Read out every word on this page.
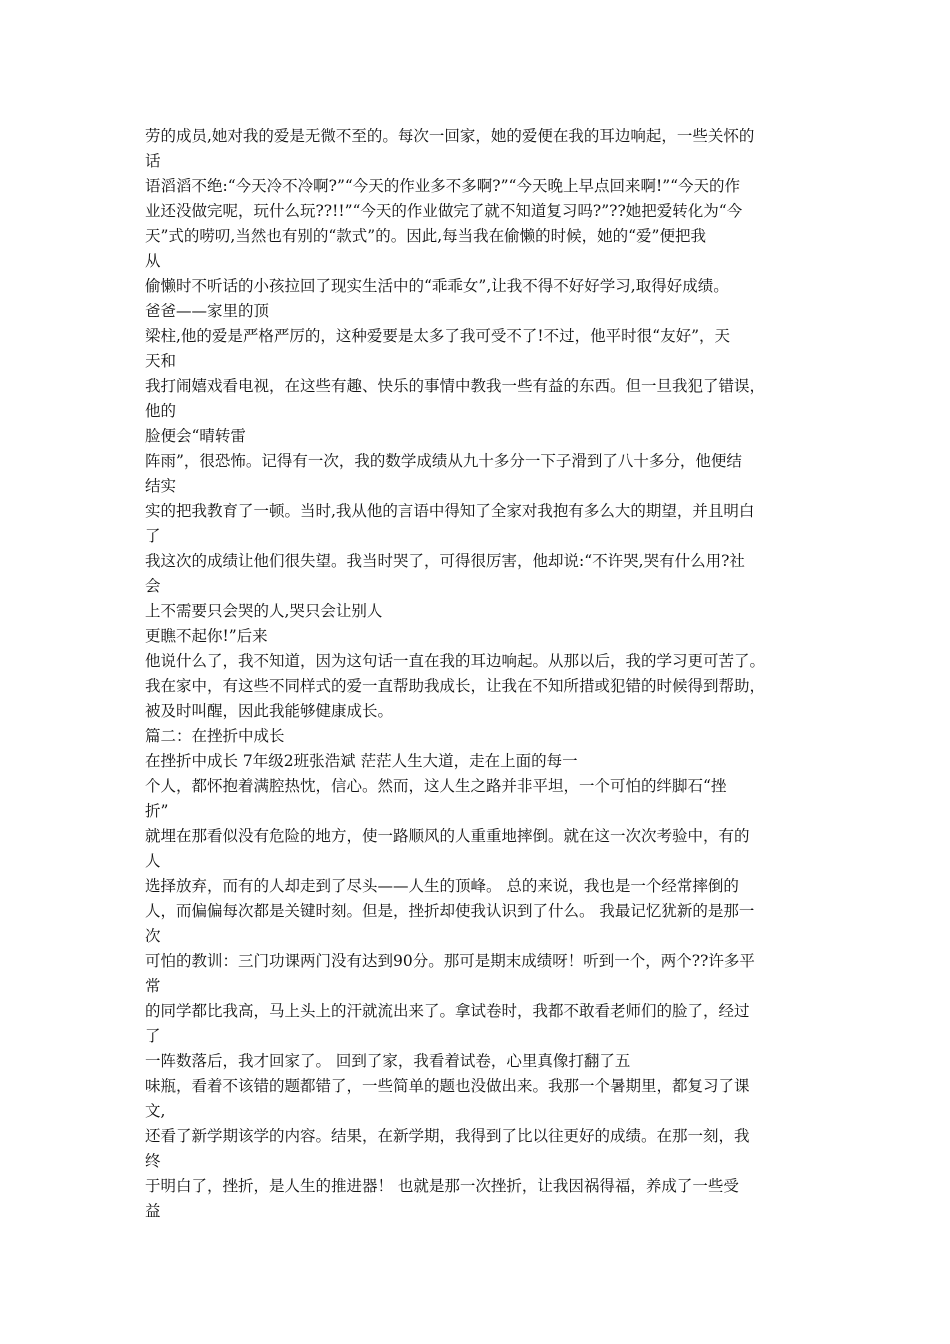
劳的成员,她对我的爱是无微不至的。每次一回家，她的爱便在我的耳边响起，一些关怀的
话
语滔滔不绝:“今天冷不冷啊?”“今天的作业多不多啊?”“今天晚上早点回来啊!”“今天的作
业还没做完呢，玩什么玩??!!”“今天的作业做完了就不知道复习吗?”??她把爱转化为“今
天”式的唠叨,当然也有别的“款式”的。因此,每当我在偷懒的时候，她的“爱”便把我
从
偷懒时不听话的小孩拉回了现实生活中的“乖乖女”,让我不得不好好学习,取得好成绩。
爸爸——家里的顶
梁柱,他的爱是严格严厉的，这种爱要是太多了我可受不了!不过，他平时很“友好”，天
天和
我打闹嬉戏看电视，在这些有趣、快乐的事情中教我一些有益的东西。但一旦我犯了错误，
他的
脸便会“晴转雷
阵雨”，很恐怖。记得有一次，我的数学成绩从九十多分一下子滑到了八十多分，他便结
结实
实的把我教育了一顿。当时,我从他的言语中得知了全家对我抱有多么大的期望，并且明白
了
我这次的成绩让他们很失望。我当时哭了，可得很厉害，他却说:“不许哭,哭有什么用?社
会
上不需要只会哭的人,哭只会让别人
更瞧不起你!”后来
他说什么了，我不知道，因为这句话一直在我的耳边响起。从那以后，我的学习更可苦了。
我在家中，有这些不同样式的爱一直帮助我成长，让我在不知所措或犯错的时候得到帮助，
被及时叫醒，因此我能够健康成长。
篇二：在挫折中成长
在挫折中成长 7年级2班张浩斌 茫茫人生大道，走在上面的每一
个人，都怀抱着满腔热忱，信心。然而，这人生之路并非平坦，一个可怕的绊脚石“挫
折”
就埋在那看似没有危险的地方，使一路顺风的人重重地摔倒。就在这一次次考验中，有的
人
选择放弃，而有的人却走到了尽头——人生的顶峰。 总的来说，我也是一个经常摔倒的
人，而偏偏每次都是关键时刻。但是，挫折却使我认识到了什么。 我最记忆犹新的是那一
次
可怕的教训：三门功课两门没有达到90分。那可是期末成绩呀！听到一个，两个??许多平
常
的同学都比我高，马上头上的汗就流出来了。拿试卷时，我都不敢看老师们的脸了，经过
了
一阵数落后，我才回家了。 回到了家，我看着试卷，心里真像打翻了五
味瓶，看着不该错的题都错了，一些简单的题也没做出来。我那一个暑期里，都复习了课
文,
还看了新学期该学的内容。结果，在新学期，我得到了比以往更好的成绩。在那一刻，我
终
于明白了，挫折，是人生的推进器！ 也就是那一次挫折，让我因祸得福，养成了一些受
益
